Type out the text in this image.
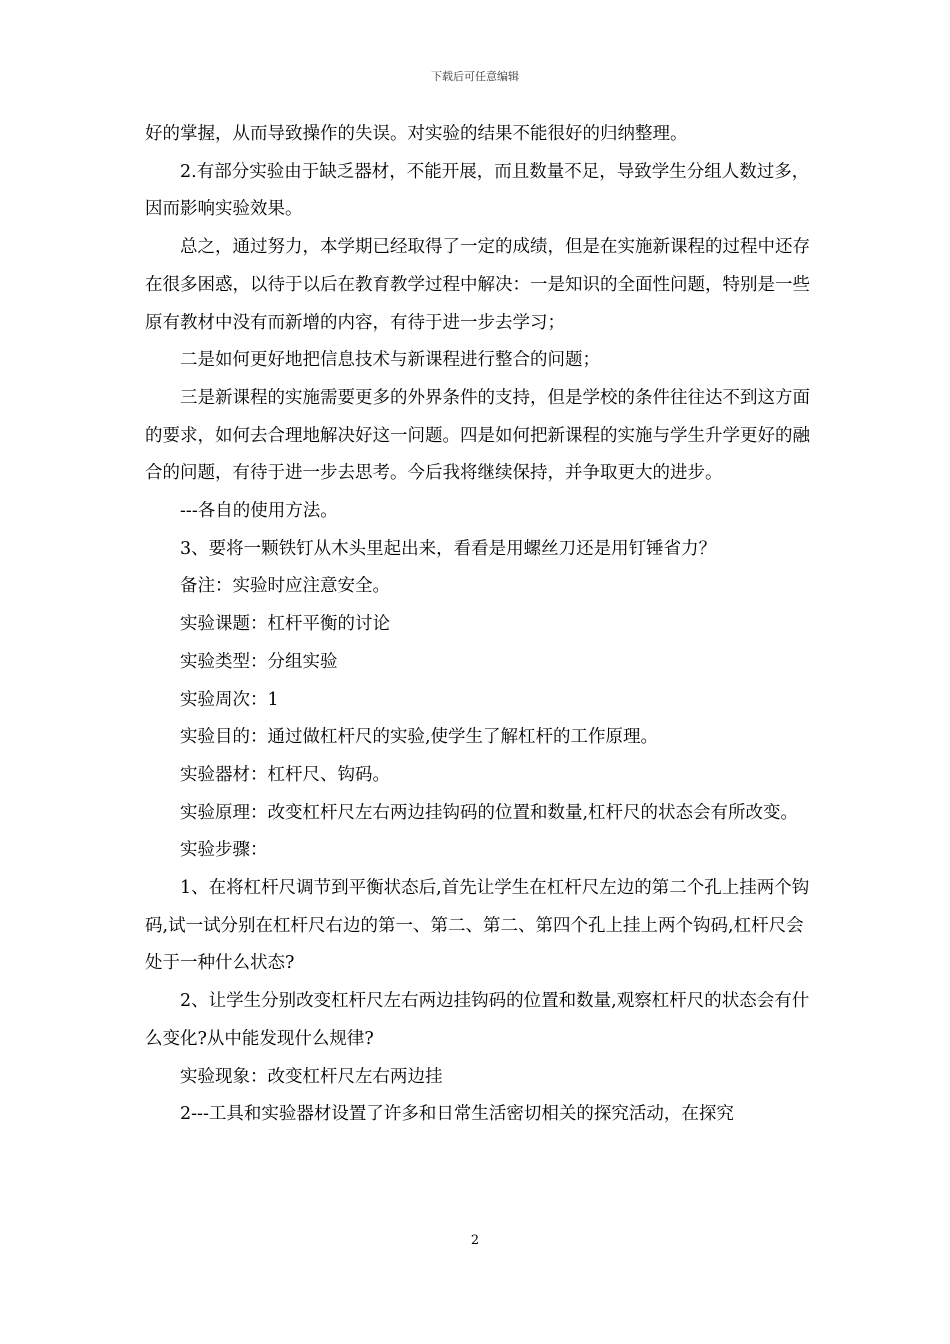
下载后可任意编辑

好的掌握，从而导致操作的失误。对实验的结果不能很好的归纳整理。

2.有部分实验由于缺乏器材，不能开展，而且数量不足，导致学生分组人数过多，因而影响实验效果。

总之，通过努力，本学期已经取得了一定的成绩，但是在实施新课程的过程中还存在很多困惑，以待于以后在教育教学过程中解决：一是知识的全面性问题，特别是一些原有教材中没有而新增的内容，有待于进一步去学习；

二是如何更好地把信息技术与新课程进行整合的问题；

三是新课程的实施需要更多的外界条件的支持，但是学校的条件往往达不到这方面的要求，如何去合理地解决好这一问题。四是如何把新课程的实施与学生升学更好的融合的问题，有待于进一步去思考。今后我将继续保持，并争取更大的进步。

---各自的使用方法。

3、要将一颗铁钉从木头里起出来，看看是用螺丝刀还是用钉锤省力？

备注：实验时应注意安全。

实验课题：杠杆平衡的讨论

实验类型：分组实验

实验周次：1

实验目的：通过做杠杆尺的实验,使学生了解杠杆的工作原理。

实验器材：杠杆尺、钩码。

实验原理：改变杠杆尺左右两边挂钩码的位置和数量,杠杆尺的状态会有所改变。

实验步骤：

1、在将杠杆尺调节到平衡状态后,首先让学生在杠杆尺左边的第二个孔上挂两个钩码,试一试分别在杠杆尺右边的第一、第二、第二、第四个孔上挂上两个钩码,杠杆尺会处于一种什么状态?

2、让学生分别改变杠杆尺左右两边挂钩码的位置和数量,观察杠杆尺的状态会有什么变化?从中能发现什么规律?

实验现象：改变杠杆尺左右两边挂

2---工具和实验器材设置了许多和日常生活密切相关的探究活动，在探究

2
